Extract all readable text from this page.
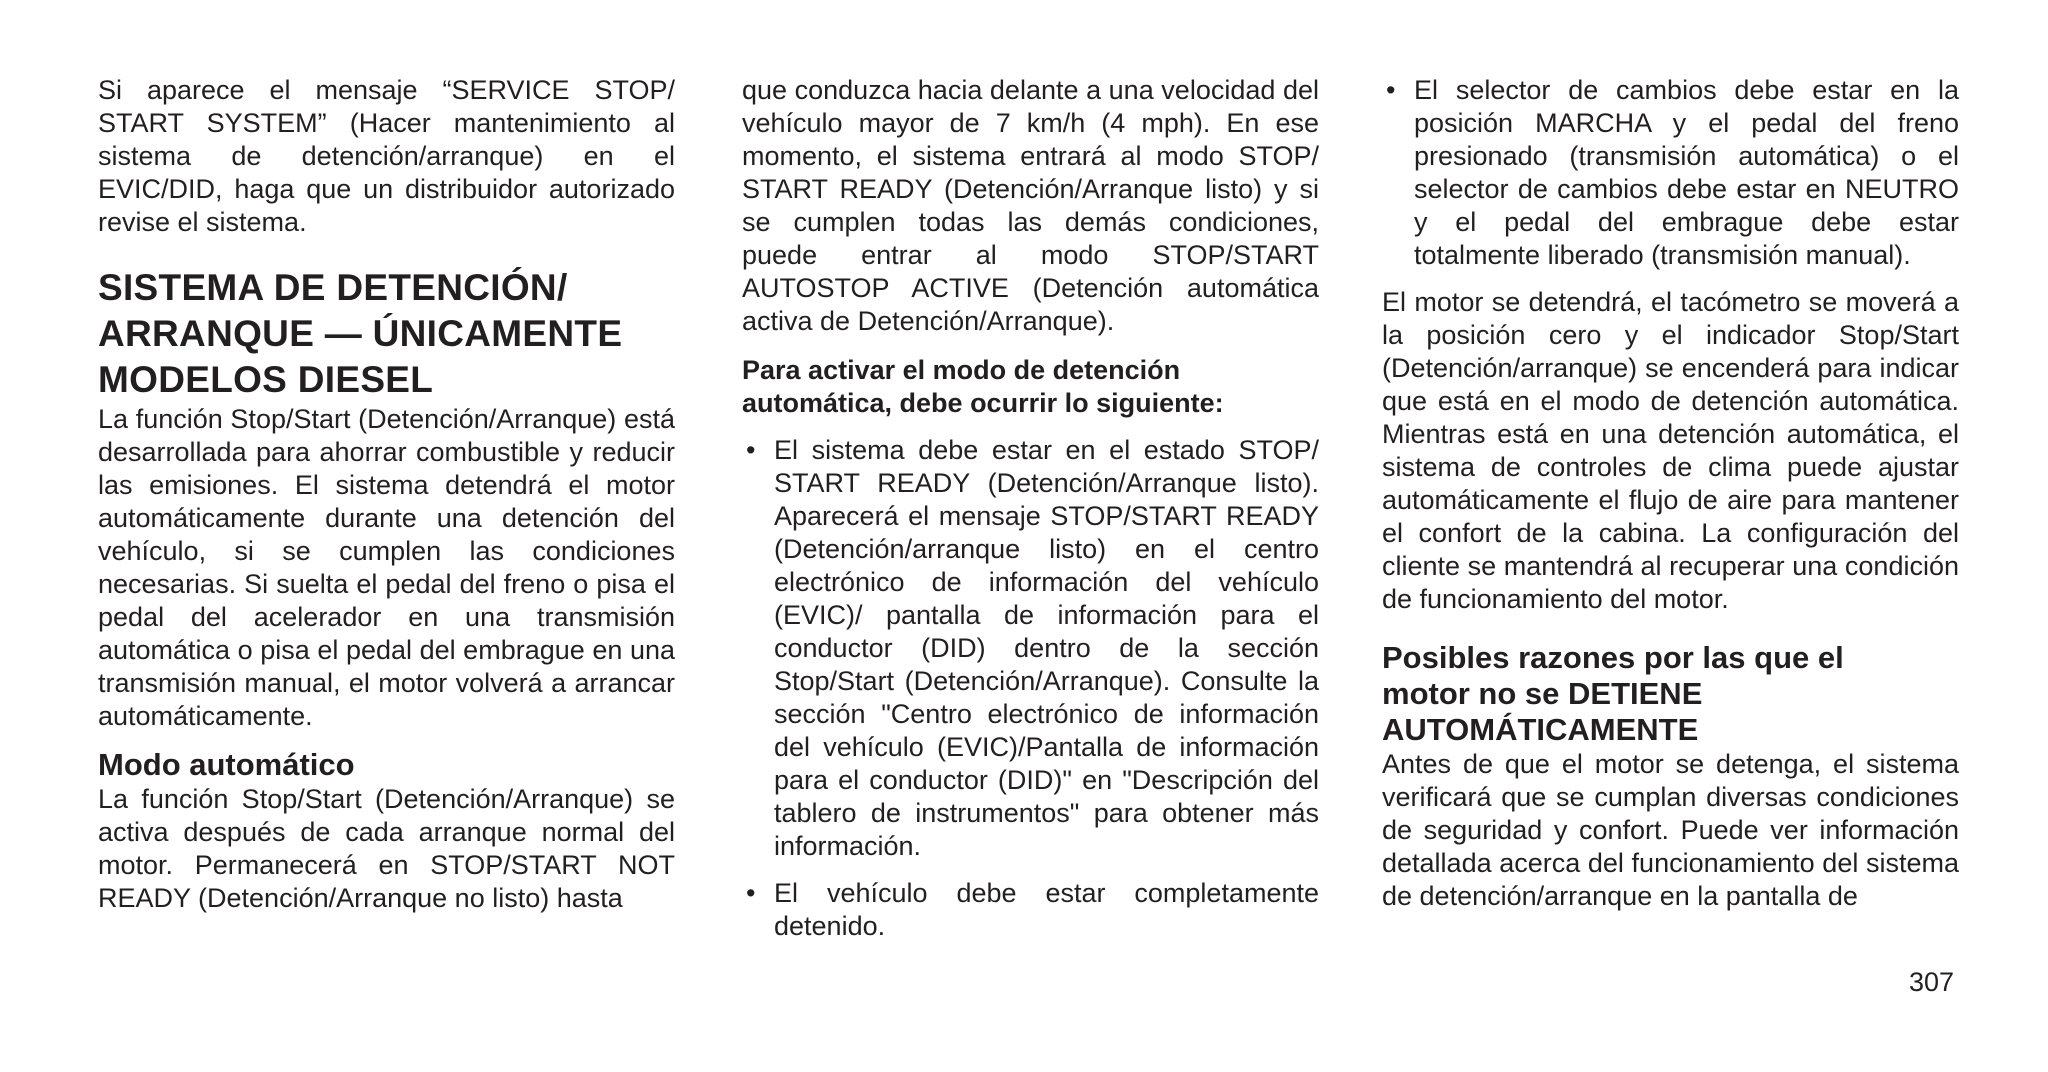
Si aparece el mensaje “SERVICE STOP/ START SYSTEM” (Hacer mantenimiento al sistema de detención/arranque) en el EVIC/DID, haga que un distribuidor autorizado revise el sistema.

SISTEMA DE DETENCIÓN/
ARRANQUE — ÚNICAMENTE
MODELOS DIESEL

La función Stop/Start (Detención/Arranque) está desarrollada para ahorrar combustible y reducir las emisiones. El sistema detendrá el motor automáticamente durante una detención del vehículo, si se cumplen las condiciones necesarias. Si suelta el pedal del freno o pisa el pedal del acelerador en una transmisión automática o pisa el pedal del embrague en una transmisión manual, el motor volverá a arrancar automáticamente.

Modo automático

La función Stop/Start (Detención/Arranque) se activa después de cada arranque normal del motor. Permanecerá en STOP/START NOT READY (Detención/Arranque no listo) hasta

que conduzca hacia delante a una velocidad del vehículo mayor de 7 km/h (4 mph). En ese momento, el sistema entrará al modo STOP/ START READY (Detención/Arranque listo) y si se cumplen todas las demás condiciones, puede entrar al modo STOP/START AUTOSTOP ACTIVE (Detención automática activa de Detención/Arranque).

Para activar el modo de detención automática, debe ocurrir lo siguiente:

• El sistema debe estar en el estado STOP/ START READY (Detención/Arranque listo). Aparecerá el mensaje STOP/START READY (Detención/arranque listo) en el centro electrónico de información del vehículo (EVIC)/ pantalla de información para el conductor (DID) dentro de la sección Stop/Start (Detención/Arranque). Consulte la sección "Centro electrónico de información del vehículo (EVIC)/Pantalla de información para el conductor (DID)" en "Descripción del tablero de instrumentos" para obtener más información.
• El vehículo debe estar completamente detenido.
• El selector de cambios debe estar en la posición MARCHA y el pedal del freno presionado (transmisión automática) o el selector de cambios debe estar en NEUTRO y el pedal del embrague debe estar totalmente liberado (transmisión manual).

El motor se detendrá, el tacómetro se moverá a la posición cero y el indicador Stop/Start (Detención/arranque) se encenderá para indicar que está en el modo de detención automática. Mientras está en una detención automática, el sistema de controles de clima puede ajustar automáticamente el flujo de aire para mantener el confort de la cabina. La configuración del cliente se mantendrá al recuperar una condición de funcionamiento del motor.

Posibles razones por las que el
motor no se DETIENE
AUTOMÁTICAMENTE

Antes de que el motor se detenga, el sistema verificará que se cumplan diversas condiciones de seguridad y confort. Puede ver información detallada acerca del funcionamiento del sistema de detención/arranque en la pantalla de

307
